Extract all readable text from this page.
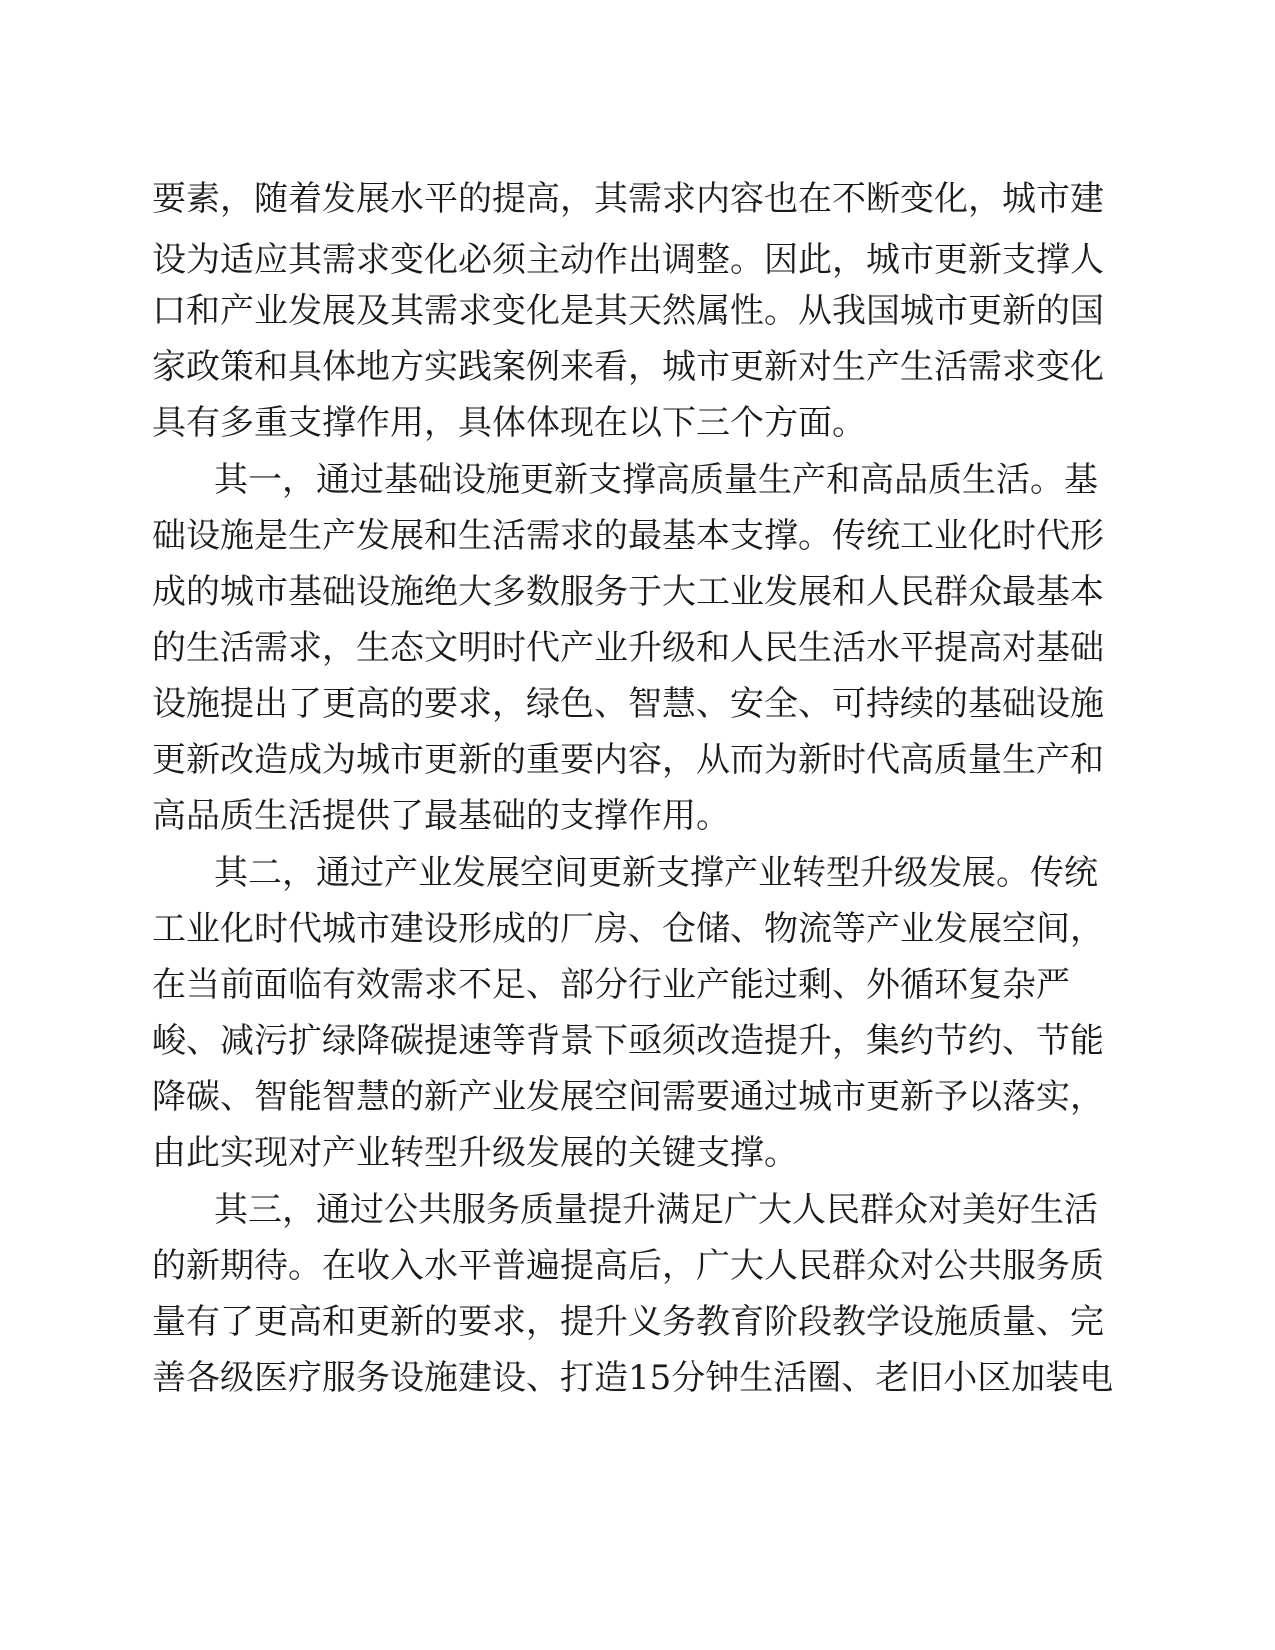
要素，随着发展水平的提高，其需求内容也在不断变化，城市建
设为适应其需求变化必须主动作出调整。因此，城市更新支撑人
口和产业发展及其需求变化是其天然属性。从我国城市更新的国
家政策和具体地方实践案例来看，城市更新对生产生活需求变化
具有多重支撑作用，具体体现在以下三个方面。
其一，通过基础设施更新支撑高质量生产和高品质生活。基
础设施是生产发展和生活需求的最基本支撑。传统工业化时代形
成的城市基础设施绝大多数服务于大工业发展和人民群众最基本
的生活需求，生态文明时代产业升级和人民生活水平提高对基础
设施提出了更高的要求，绿色、智慧、安全、可持续的基础设施
更新改造成为城市更新的重要内容，从而为新时代高质量生产和
高品质生活提供了最基础的支撑作用。
其二，通过产业发展空间更新支撑产业转型升级发展。传统
工业化时代城市建设形成的厂房、仓储、物流等产业发展空间，
在当前面临有效需求不足、部分行业产能过剩、外循环复杂严
峻、减污扩绿降碳提速等背景下亟须改造提升，集约节约、节能
降碳、智能智慧的新产业发展空间需要通过城市更新予以落实，
由此实现对产业转型升级发展的关键支撑。
其三，通过公共服务质量提升满足广大人民群众对美好生活
的新期待。在收入水平普遍提高后，广大人民群众对公共服务质
量有了更高和更新的要求，提升义务教育阶段教学设施质量、完
善各级医疗服务设施建设、打造15分钟生活圈、老旧小区加装电
